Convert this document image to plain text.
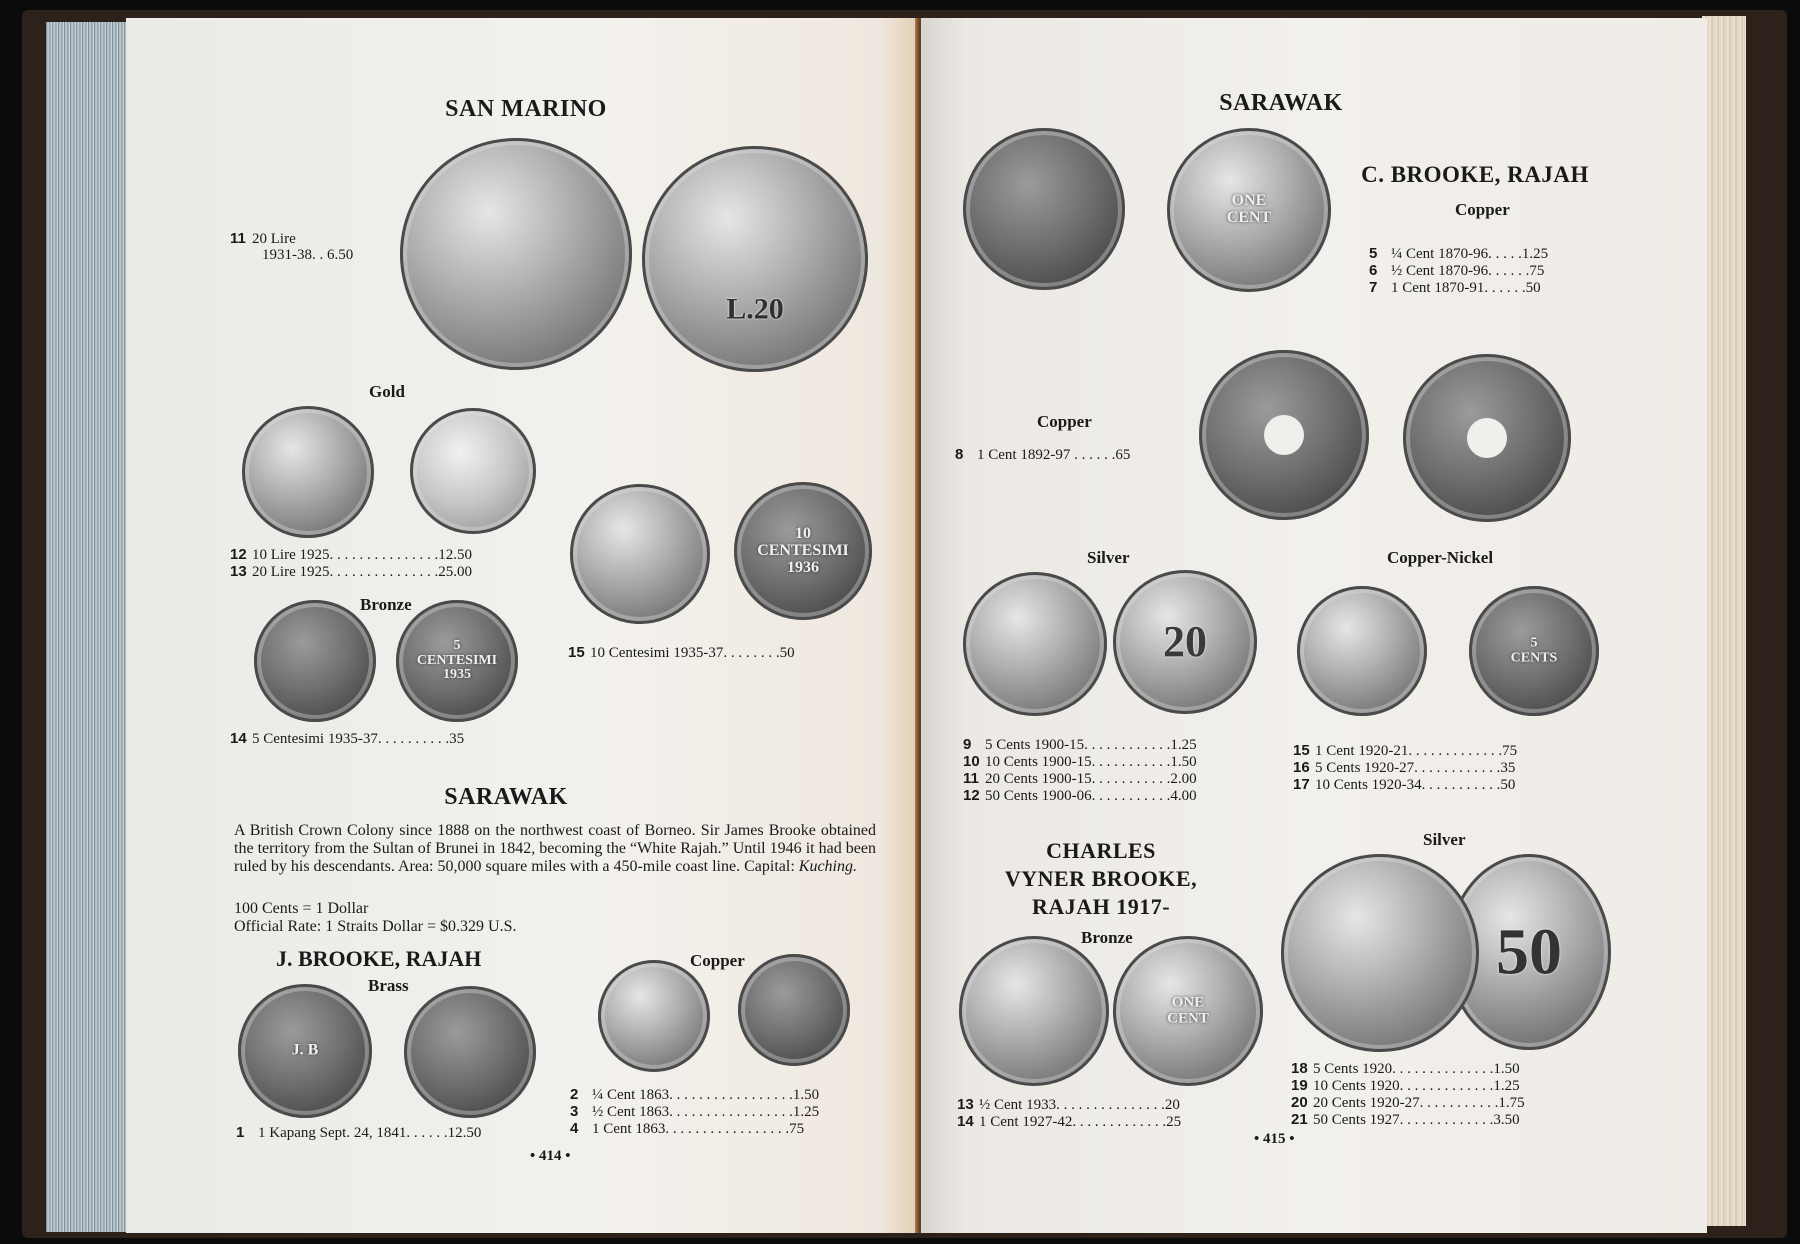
SAN MARINO
11 20 Lire
1931-38. . 6.50
L.20
Gold
12 10 Lire 1925. . . . . . . . . . . . . . .12.50
13 20 Lire 1925. . . . . . . . . . . . . . .25.00
Bronze
5
CENTESIMI
1935
14 5 Centesimi 1935-37. . . . . . . . . .35
10
CENTESIMI
1936
15 10 Centesimi 1935-37. . . . . . . .50
SARAWAK
A British Crown Colony since 1888 on the northwest coast of Borneo. Sir James Brooke obtained the territory from the Sultan of Brunei in 1842, becoming the “White Rajah.” Until 1946 it had been ruled by his descendants. Area: 50,000 square miles with a 450-mile coast line. Capital: Kuching.
100 Cents = 1 Dollar
Official Rate: 1 Straits Dollar = $0.329 U.S.
J. BROOKE, RAJAH
Brass
J. B
1 1 Kapang Sept. 24, 1841. . . . . .12.50
Copper
2 ¼ Cent 1863. . . . . . . . . . . . . . . . .1.50
3 ½ Cent 1863. . . . . . . . . . . . . . . . .1.25
4 1 Cent 1863. . . . . . . . . . . . . . . . .75
• 414 •
SARAWAK
ONE
CENT
C. BROOKE, RAJAH
Copper
5 ¼ Cent 1870-96. . . . .1.25
6 ½ Cent 1870-96. . . . . .75
7 1 Cent 1870-91. . . . . .50
Copper
8 1 Cent 1892-97 . . . . . .65
Silver
20
Copper-Nickel
5
CENTS
9 5 Cents 1900-15. . . . . . . . . . . .1.25
10 10 Cents 1900-15. . . . . . . . . . .1.50
11 20 Cents 1900-15. . . . . . . . . . .2.00
12 50 Cents 1900-06. . . . . . . . . . .4.00
15 1 Cent 1920-21. . . . . . . . . . . . .75
16 5 Cents 1920-27. . . . . . . . . . . .35
17 10 Cents 1920-34. . . . . . . . . . .50
CHARLES
VYNER BROOKE,
RAJAH 1917-
Bronze
ONE
CENT
13 ½ Cent 1933. . . . . . . . . . . . . . .20
14 1 Cent 1927-42. . . . . . . . . . . . .25
Silver
50
18 5 Cents 1920. . . . . . . . . . . . . .1.50
19 10 Cents 1920. . . . . . . . . . . . .1.25
20 20 Cents 1920-27. . . . . . . . . . .1.75
21 50 Cents 1927. . . . . . . . . . . . .3.50
• 415 •
